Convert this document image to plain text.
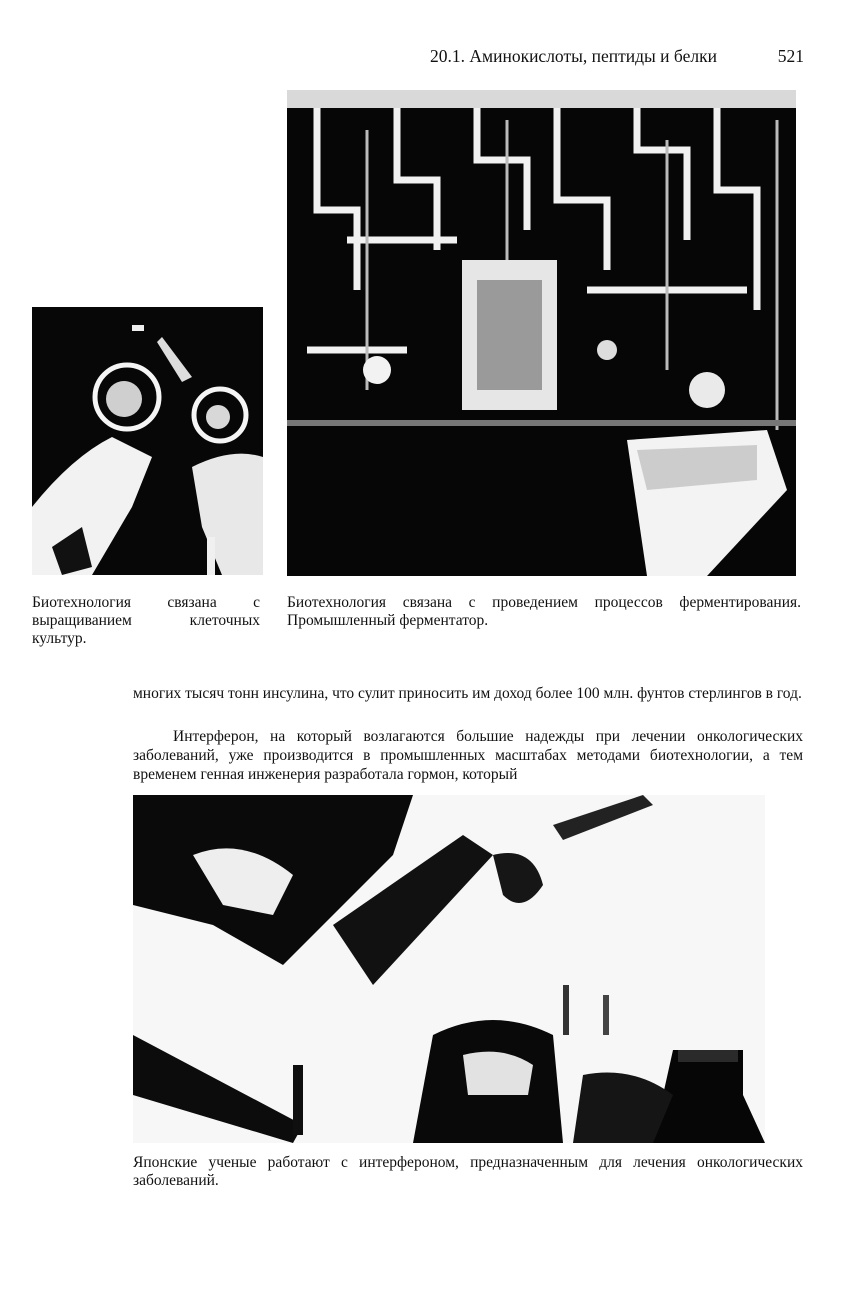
20.1. Аминокислоты, пептиды и белки	521
Биотехнология связана с выращиванием клеточных культур.
Биотехнология связана с проведением процессов ферментирования. Промышленный ферментатор.

многих тысяч тонн инсулина, что сулит приносить им доход более 100 млн. фунтов стерлингов в год.

Интерферон, на который возлагаются большие надежды при лечении онкологических заболеваний, уже производится в промышленных масштабах методами биотехнологии, а тем временем генная инженерия разработала гормон, который

Японские ученые работают с интерфероном, предназначенным для лечения онкологических заболеваний.
